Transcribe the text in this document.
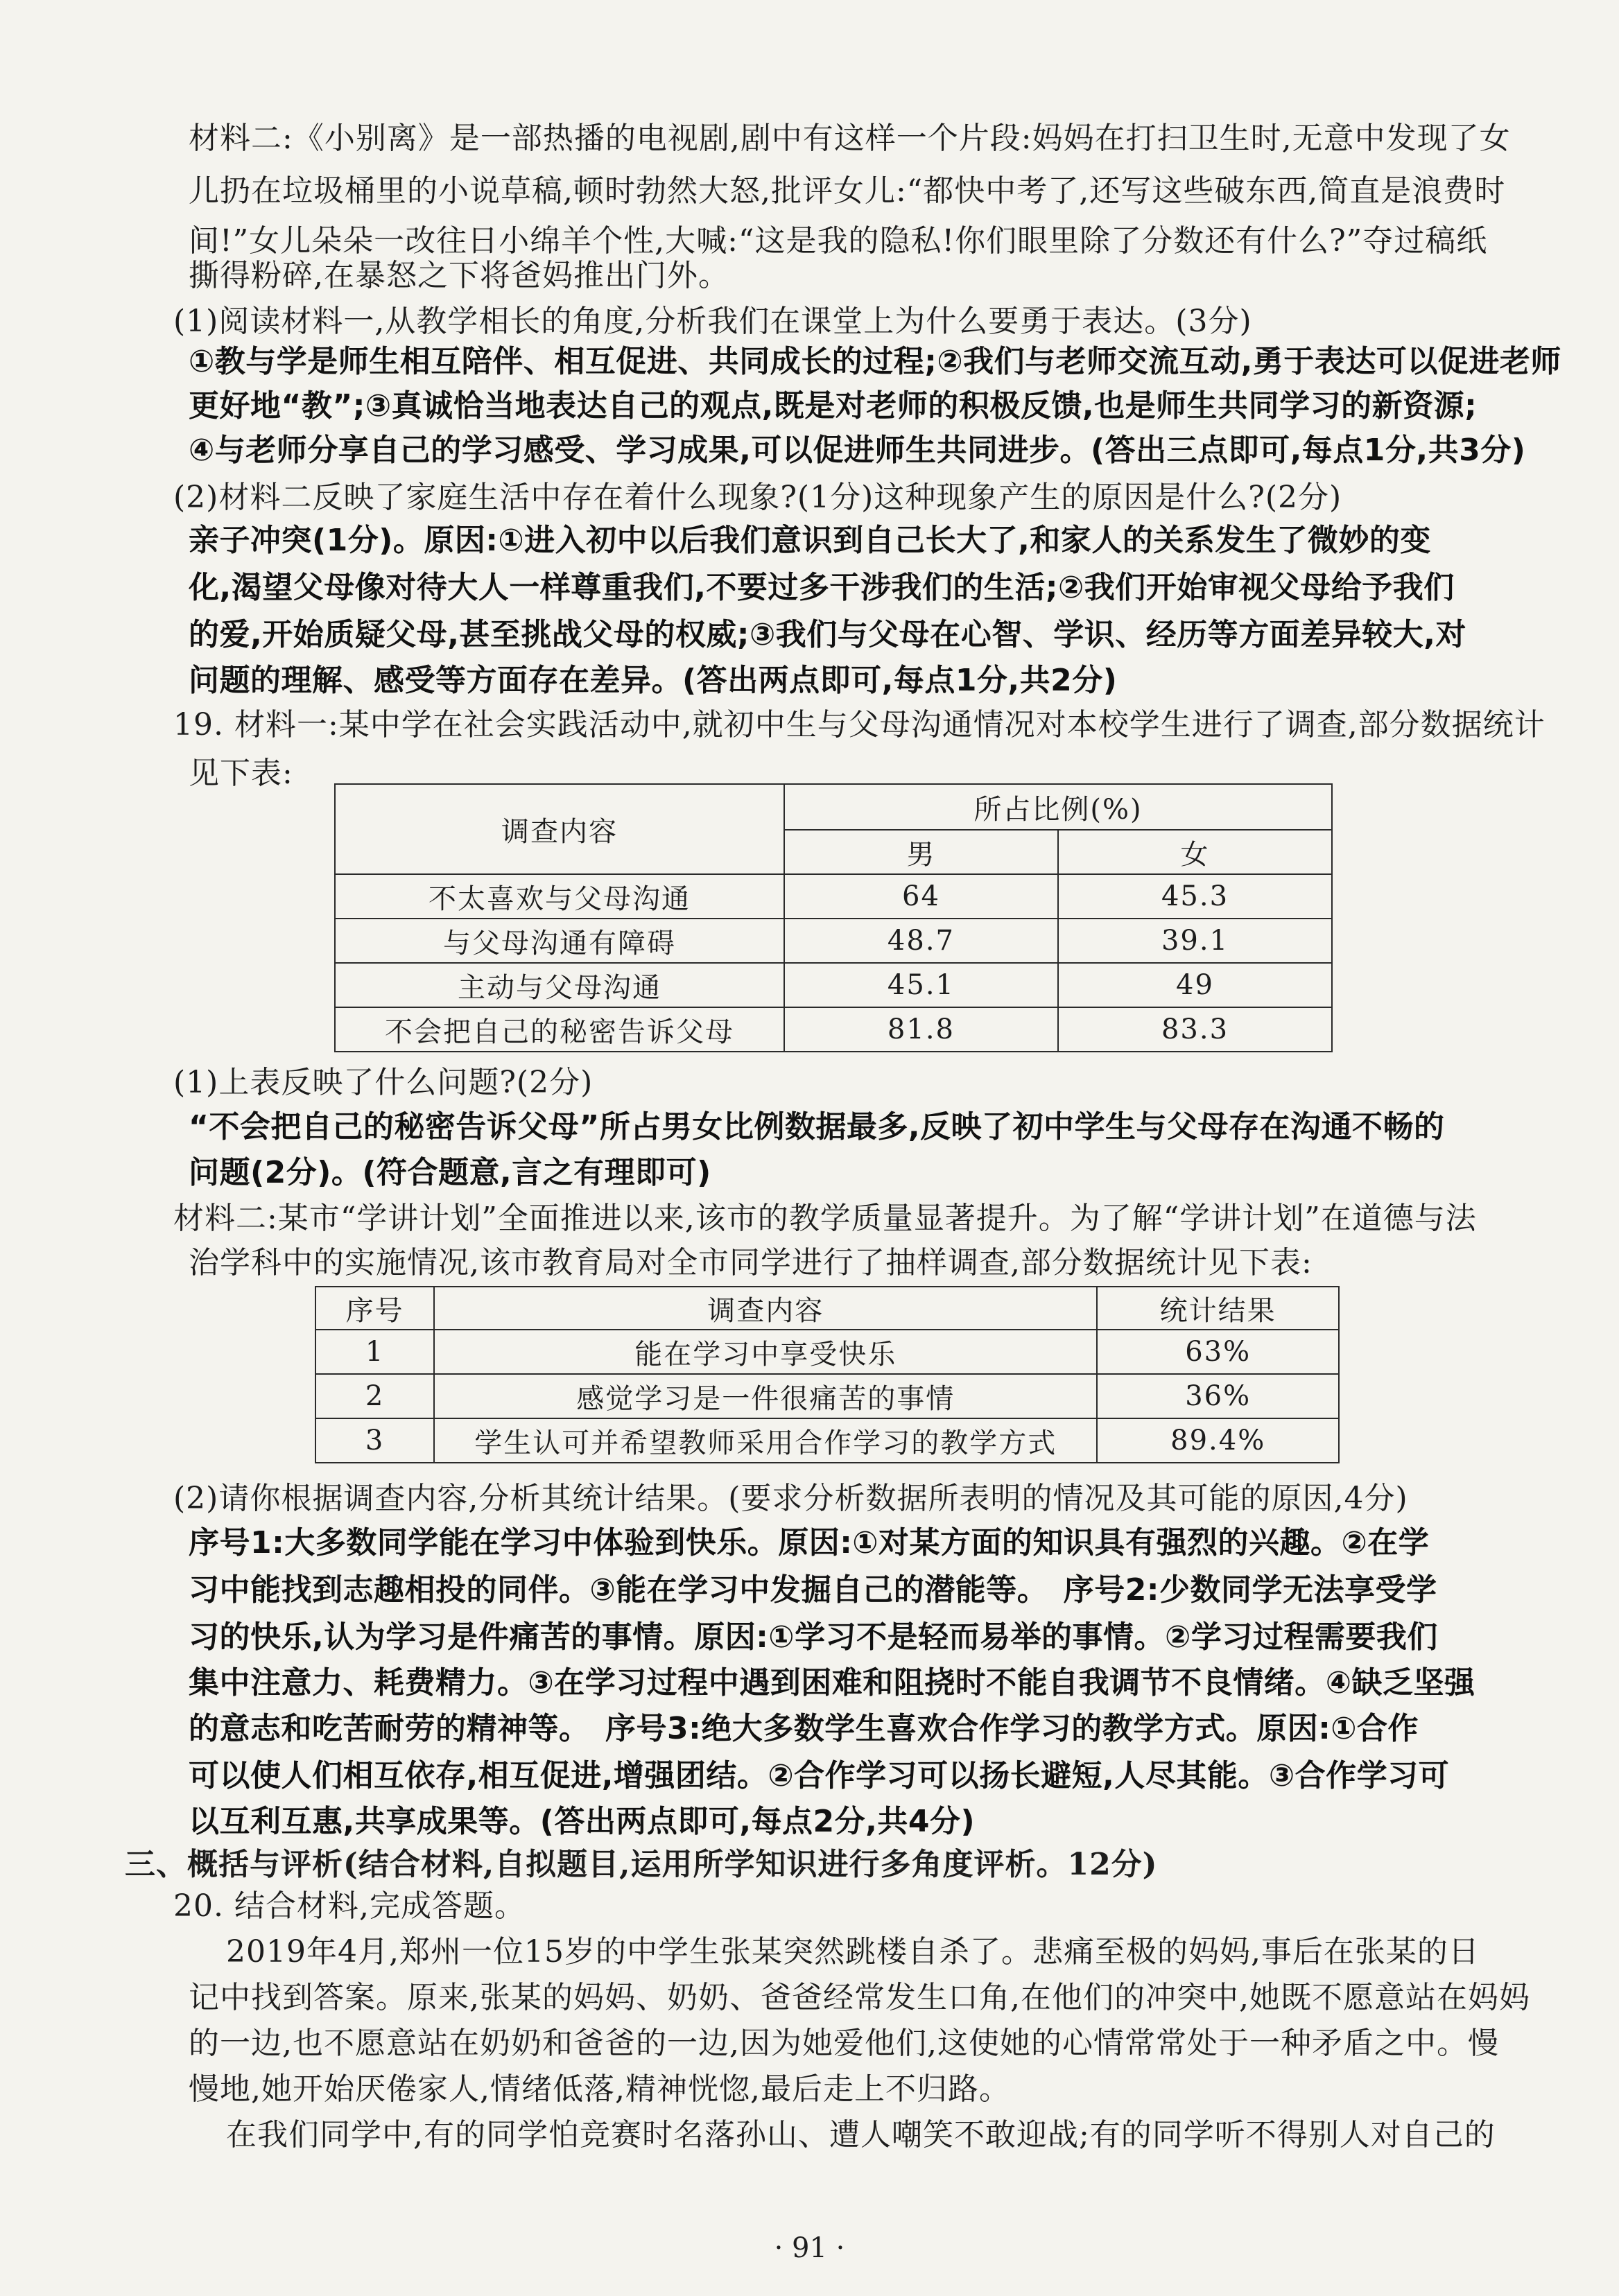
材料二:《小别离》是一部热播的电视剧,剧中有这样一个片段:妈妈在打扫卫生时,无意中发现了女
儿扔在垃圾桶里的小说草稿,顿时勃然大怒,批评女儿:“都快中考了,还写这些破东西,简直是浪费时
间!”女儿朵朵一改往日小绵羊个性,大喊:“这是我的隐私!你们眼里除了分数还有什么?”夺过稿纸
撕得粉碎,在暴怒之下将爸妈推出门外。
(1)阅读材料一,从教学相长的角度,分析我们在课堂上为什么要勇于表达。(3分)
①教与学是师生相互陪伴、相互促进、共同成长的过程;②我们与老师交流互动,勇于表达可以促进老师
更好地“教”;③真诚恰当地表达自己的观点,既是对老师的积极反馈,也是师生共同学习的新资源;
④与老师分享自己的学习感受、学习成果,可以促进师生共同进步。(答出三点即可,每点1分,共3分)
(2)材料二反映了家庭生活中存在着什么现象?(1分)这种现象产生的原因是什么?(2分)
亲子冲突(1分)。原因:①进入初中以后我们意识到自己长大了,和家人的关系发生了微妙的变
化,渴望父母像对待大人一样尊重我们,不要过多干涉我们的生活;②我们开始审视父母给予我们
的爱,开始质疑父母,甚至挑战父母的权威;③我们与父母在心智、学识、经历等方面差异较大,对
问题的理解、感受等方面存在差异。(答出两点即可,每点1分,共2分)
19. 材料一:某中学在社会实践活动中,就初中生与父母沟通情况对本校学生进行了调查,部分数据统计
见下表:
调查内容	所占比例(%)	
	男	女
不太喜欢与父母沟通	64	45.3
与父母沟通有障碍	48.7	39.1
主动与父母沟通	45.1	49
不会把自己的秘密告诉父母	81.8	83.3
(1)上表反映了什么问题?(2分)
“不会把自己的秘密告诉父母”所占男女比例数据最多,反映了初中学生与父母存在沟通不畅的
问题(2分)。(符合题意,言之有理即可)
材料二:某市“学讲计划”全面推进以来,该市的教学质量显著提升。为了解“学讲计划”在道德与法
治学科中的实施情况,该市教育局对全市同学进行了抽样调查,部分数据统计见下表:
序号	调查内容	统计结果
1	能在学习中享受快乐	63%
2	感觉学习是一件很痛苦的事情	36%
3	学生认可并希望教师采用合作学习的教学方式	89.4%
(2)请你根据调查内容,分析其统计结果。(要求分析数据所表明的情况及其可能的原因,4分)
序号1:大多数同学能在学习中体验到快乐。原因:①对某方面的知识具有强烈的兴趣。②在学
习中能找到志趣相投的同伴。③能在学习中发掘自己的潜能等。　序号2:少数同学无法享受学
习的快乐,认为学习是件痛苦的事情。原因:①学习不是轻而易举的事情。②学习过程需要我们
集中注意力、耗费精力。③在学习过程中遇到困难和阻挠时不能自我调节不良情绪。④缺乏坚强
的意志和吃苦耐劳的精神等。　序号3:绝大多数学生喜欢合作学习的教学方式。原因:①合作
可以使人们相互依存,相互促进,增强团结。②合作学习可以扬长避短,人尽其能。③合作学习可
以互利互惠,共享成果等。(答出两点即可,每点2分,共4分)
三、概括与评析(结合材料,自拟题目,运用所学知识进行多角度评析。12分)
20. 结合材料,完成答题。
2019年4月,郑州一位15岁的中学生张某突然跳楼自杀了。悲痛至极的妈妈,事后在张某的日
记中找到答案。原来,张某的妈妈、奶奶、爸爸经常发生口角,在他们的冲突中,她既不愿意站在妈妈
的一边,也不愿意站在奶奶和爸爸的一边,因为她爱他们,这使她的心情常常处于一种矛盾之中。慢
慢地,她开始厌倦家人,情绪低落,精神恍惚,最后走上不归路。
在我们同学中,有的同学怕竞赛时名落孙山、遭人嘲笑不敢迎战;有的同学听不得别人对自己的
· 91 ·
